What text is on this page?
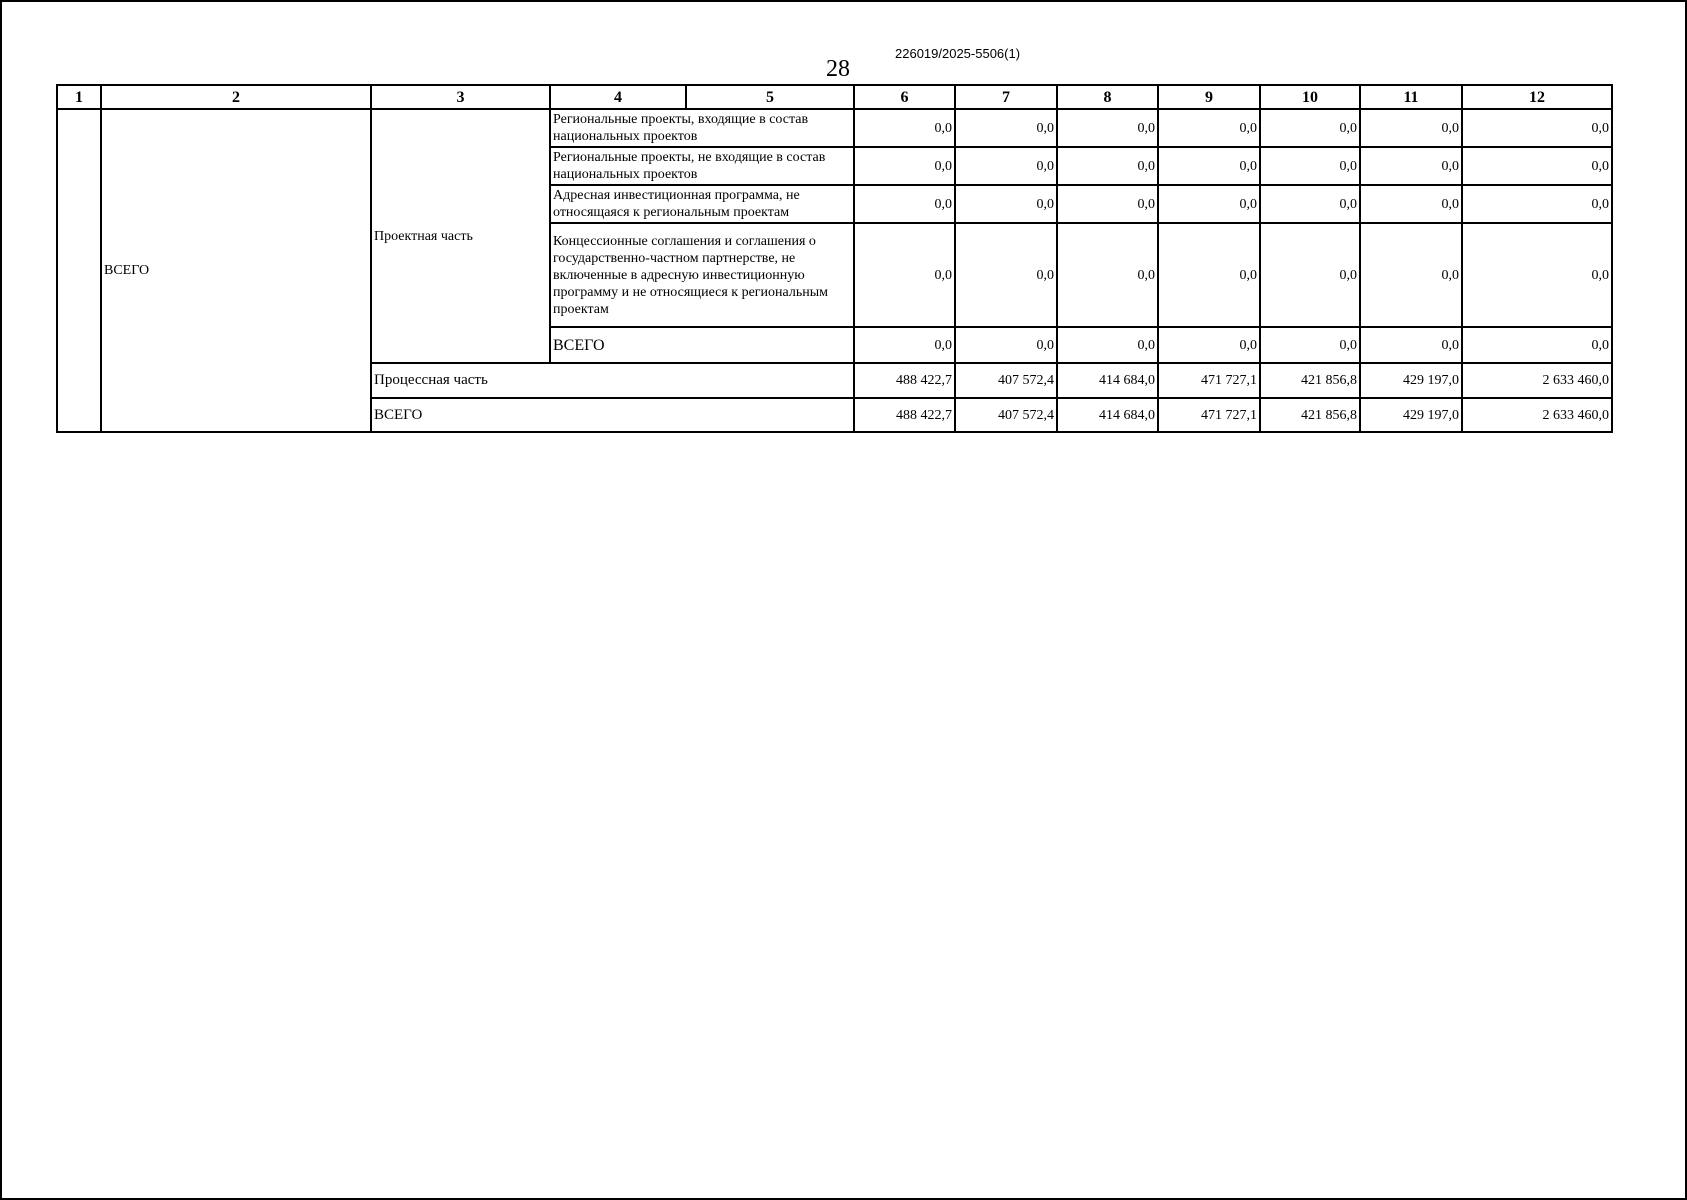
28
226019/2025-5506(1)
1	2	3	4	5	6	7	8	9	10	11	12
	ВСЕГО	Проектная часть	Региональные проекты, входящие в состав национальных проектов		0,0	0,0	0,0	0,0	0,0	0,0	0,0
			Региональные проекты, не входящие в состав национальных проектов		0,0	0,0	0,0	0,0	0,0	0,0	0,0
			Адресная инвестиционная программа, не относящаяся к региональным проектам		0,0	0,0	0,0	0,0	0,0	0,0	0,0
			Концессионные соглашения и соглашения о государственно-частном партнерстве, не включенные в адресную инвестиционную программу и не относящиеся к региональным проектам		0,0	0,0	0,0	0,0	0,0	0,0	0,0
			ВСЕГО		0,0	0,0	0,0	0,0	0,0	0,0	0,0
		Процессная часть			488 422,7	407 572,4	414 684,0	471 727,1	421 856,8	429 197,0	2 633 460,0
		ВСЕГО			488 422,7	407 572,4	414 684,0	471 727,1	421 856,8	429 197,0	2 633 460,0
